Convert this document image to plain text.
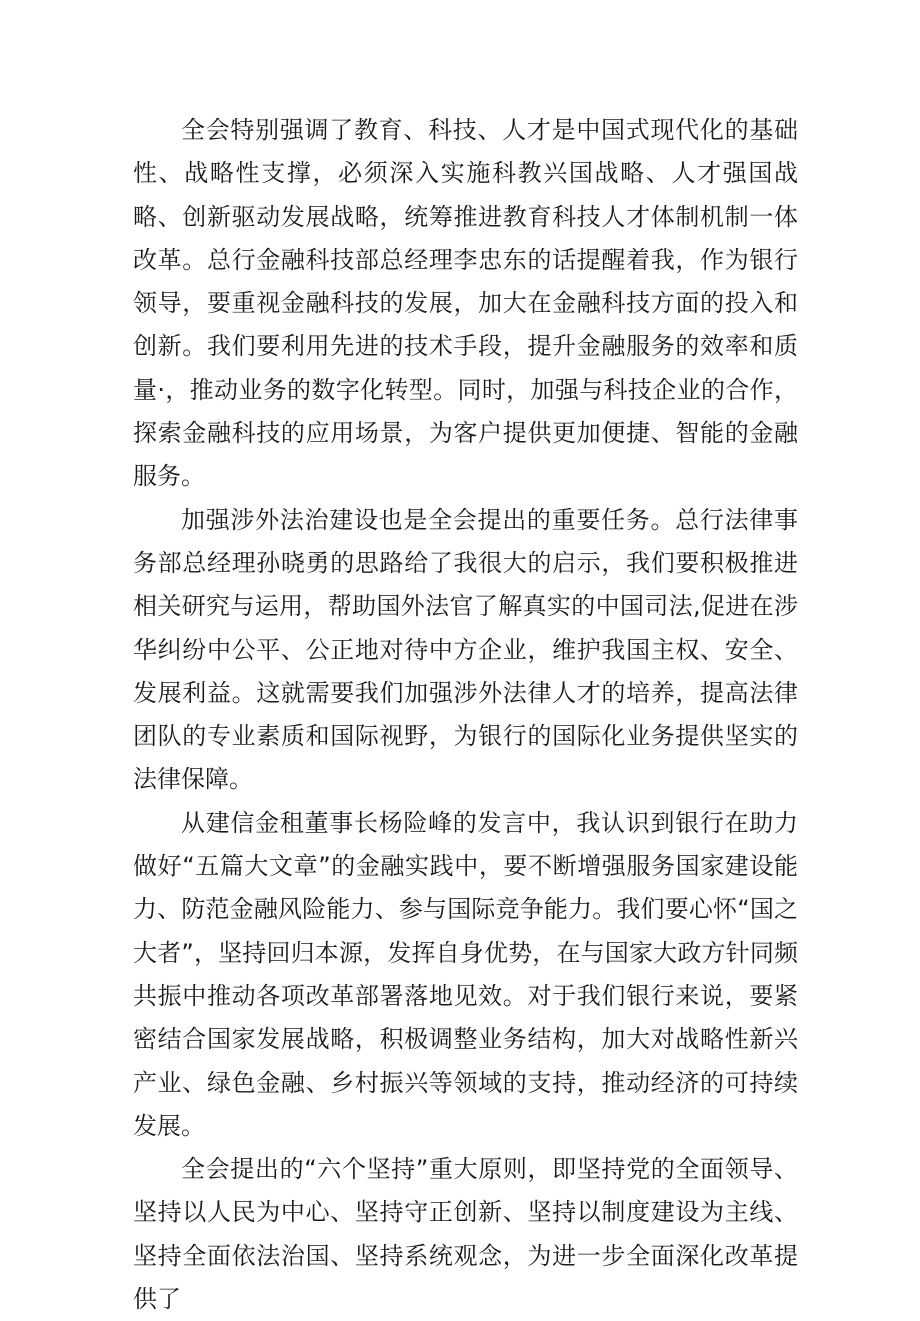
全会特别强调了教育、科技、人才是中国式现代化的基础性、战略性支撑，必须深入实施科教兴国战略、人才强国战略、创新驱动发展战略，统筹推进教育科技人才体制机制一体改革。总行金融科技部总经理李忠东的话提醒着我，作为银行领导，要重视金融科技的发展，加大在金融科技方面的投入和创新。我们要利用先进的技术手段，提升金融服务的效率和质量·，推动业务的数字化转型。同时，加强与科技企业的合作，探索金融科技的应用场景，为客户提供更加便捷、智能的金融服务。

加强涉外法治建设也是全会提出的重要任务。总行法律事务部总经理孙晓勇的思路给了我很大的启示，我们要积极推进相关研究与运用，帮助国外法官了解真实的中国司法,促进在涉华纠纷中公平、公正地对待中方企业，维护我国主权、安全、发展利益。这就需要我们加强涉外法律人才的培养，提高法律团队的专业素质和国际视野，为银行的国际化业务提供坚实的法律保障。

从建信金租董事长杨险峰的发言中，我认识到银行在助力做好“五篇大文章”的金融实践中，要不断增强服务国家建设能力、防范金融风险能力、参与国际竞争能力。我们要心怀“国之大者”，坚持回归本源，发挥自身优势，在与国家大政方针同频共振中推动各项改革部署落地见效。对于我们银行来说，要紧密结合国家发展战略，积极调整业务结构，加大对战略性新兴产业、绿色金融、乡村振兴等领域的支持，推动经济的可持续发展。

全会提出的“六个坚持”重大原则，即坚持党的全面领导、坚持以人民为中心、坚持守正创新、坚持以制度建设为主线、坚持全面依法治国、坚持系统观念，为进一步全面深化改革提供了
